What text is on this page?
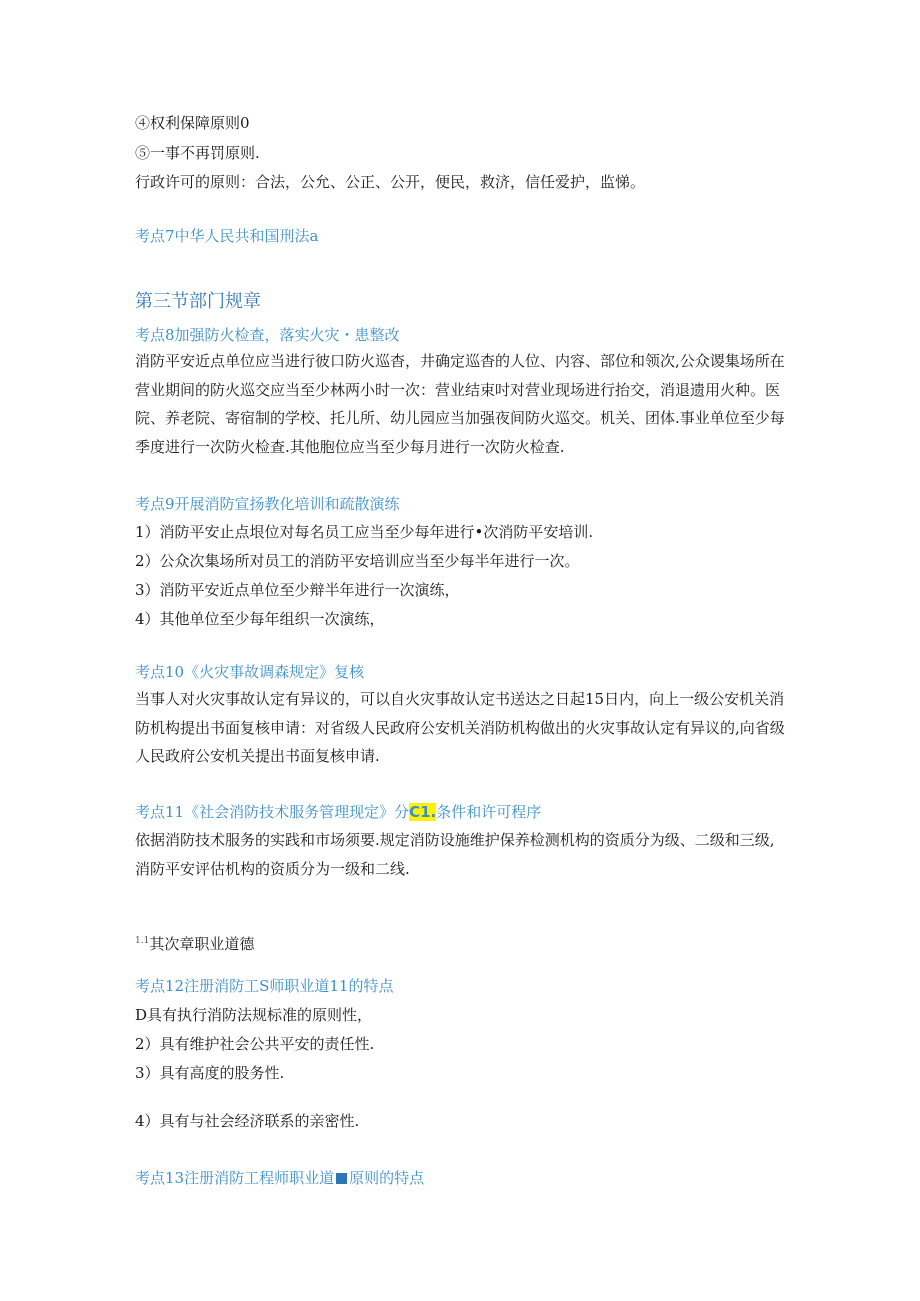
④权利保障原则0
⑤一事不再罚原则.
行政许可的原则：合法，公允、公正、公开，便民，救济，信任爱护，监悌。
考点7中华人民共和国刑法a
第三节部门规章
考点8加强防火检查，落实火灾・患整改
消防平安近点单位应当进行彼口防火巡杳，井确定巡杳的人位、内容、部位和领次,公众谡集场所在营业期间的防火巡交应当至少林两小时一次：营业结束吋对营业现场进行抬交，消退遗用火种。医院、养老院、寄宿制的学校、托儿所、幼儿园应当加强夜间防火巡交。机关、团体.事业单位至少每季度进行一次防火检查.其他胞位应当至少每月进行一次防火检查.
考点9开展消防宣扬教化培训和疏散演练
1）消防平安止点垠位对每名员工应当至少每年进行•次消防平安培训.
2）公众次集场所对员工的消防平安培训应当至少每半年进行一次。
3）消防平安近点单位至少辩半年进行一次演练，
4）其他单位至少每年组织一次演练，
考点10《火灾事故调森规定》复核
当事人对火灾事故认定有异议的，可以自火灾事故认定书送达之日起15日内，向上一级公安机关消防机构提出书面复核申请：对省级人民政府公安机关消防机构做出的火灾事故认定有异议的,向省级人民政府公安机关提出书面复核申请.
考点11《社会消防技术服务管理现定》分C1.条件和许可程序
依据消防技术服务的实践和市场须要.规定消防设施维护保养检测机构的资质分为级、二级和三级,消防平安评估机构的资质分为一级和二线.
$^{1.1}$其次章职业道德
考点12注册消防工S师职业道11的特点
D具有执行消防法规标准的原则性，
2）具有维护社会公共平安的责任性.
3）具有高度的股务性.
4）具有与社会经济联系的亲密性.
考点13注册消防工程师职业道 原则的特点
